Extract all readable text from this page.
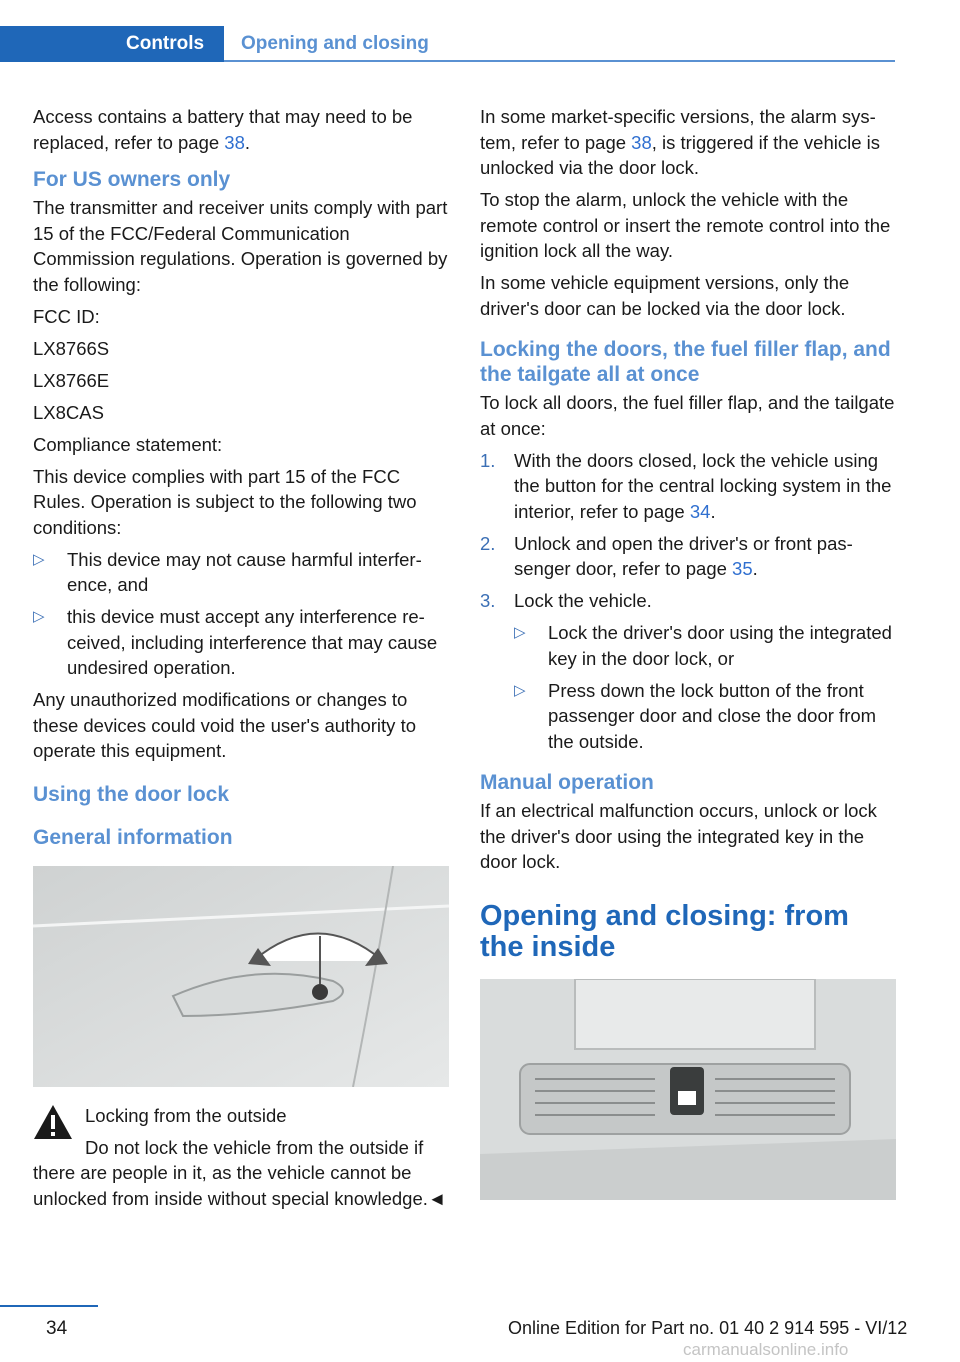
Controls	Opening and closing

Access contains a battery that may need to be replaced, refer to page 38.

For US owners only

The transmitter and receiver units comply with part 15 of the FCC/Federal Communication Commission regulations. Operation is governed by the following:

FCC ID:

LX8766S

LX8766E

LX8CAS

Compliance statement:

This device complies with part 15 of the FCC Rules. Operation is subject to the following two conditions:

▷ This device may not cause harmful interference, and
▷ this device must accept any interference received, including interference that may cause undesired operation.

Any unauthorized modifications or changes to these devices could void the user's authority to operate this equipment.

Using the door lock
General information

Locking from the outside

Do not lock the vehicle from the outside if there are people in it, as the vehicle cannot be unlocked from inside without special knowledge.◄

In some market-specific versions, the alarm system, refer to page 38, is triggered if the vehicle is unlocked via the door lock.

To stop the alarm, unlock the vehicle with the remote control or insert the remote control into the ignition lock all the way.

In some vehicle equipment versions, only the driver's door can be locked via the door lock.

Locking the doors, the fuel filler flap, and the tailgate all at once

To lock all doors, the fuel filler flap, and the tailgate at once:

1. With the doors closed, lock the vehicle using the button for the central locking system in the interior, refer to page 34.
2. Unlock and open the driver's or front passenger door, refer to page 35.
3. Lock the vehicle.
▷ Lock the driver's door using the integrated key in the door lock, or
▷ Press down the lock button of the front passenger door and close the door from the outside.
Manual operation

If an electrical malfunction occurs, unlock or lock the driver's door using the integrated key in the door lock.

Opening and closing: from the inside
34	Online Edition for Part no. 01 40 2 914 595 - VI/12
carmanualsonline.info
